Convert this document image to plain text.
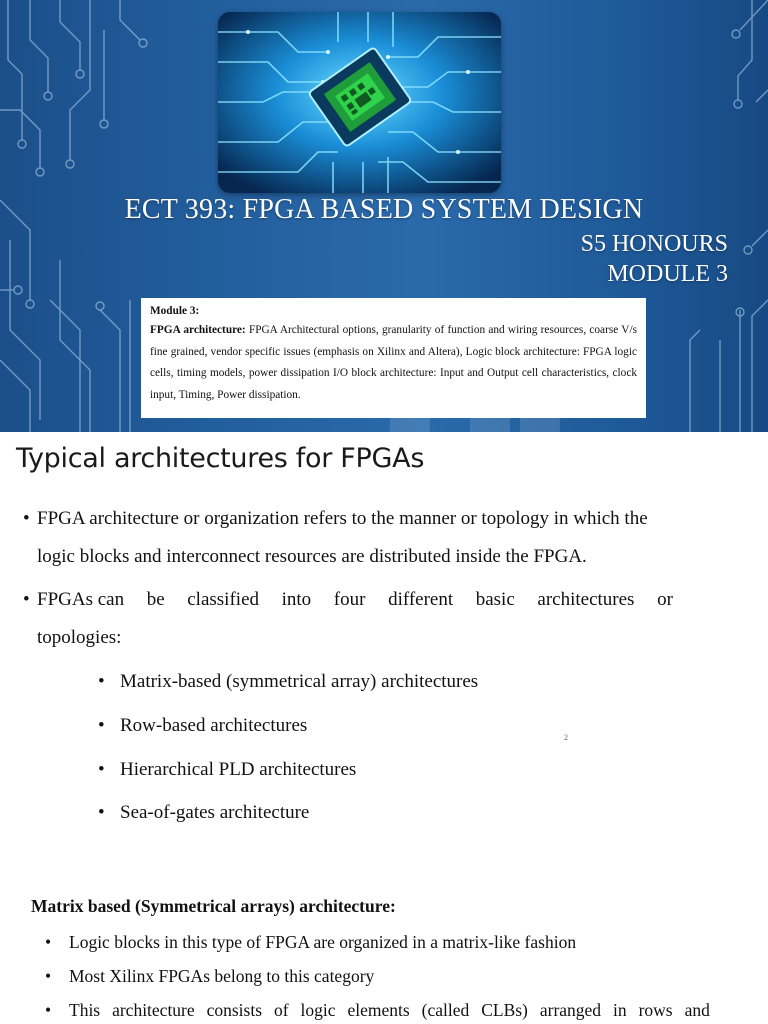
ECT 393: FPGA BASED SYSTEM DESIGN
S5 HONOURS
MODULE 3
Module 3:
FPGA architecture: FPGA Architectural options, granularity of function and wiring resources, coarse V/s fine grained, vendor specific issues (emphasis on Xilinx and Altera), Logic block architecture: FPGA logic cells, timing models, power dissipation I/O block architecture: Input and Output cell characteristics, clock input, Timing, Power dissipation.
Typical architectures for FPGAs
• FPGA architecture or organization refers to the manner or topology in which the
logic blocks and interconnect resources are distributed inside the FPGA.
• FPGAs can be classified into four different basic architectures or
topologies:
• Matrix-based (symmetrical array) architectures
• Row-based architectures
• Hierarchical PLD architectures
• Sea-of-gates architecture
2
Matrix based (Symmetrical arrays) architecture:
• Logic blocks in this type of FPGA are organized in a matrix-like fashion
• Most Xilinx FPGAs belong to this category
•	This architecture consists of logic elements (called CLBs) arranged in rows and
